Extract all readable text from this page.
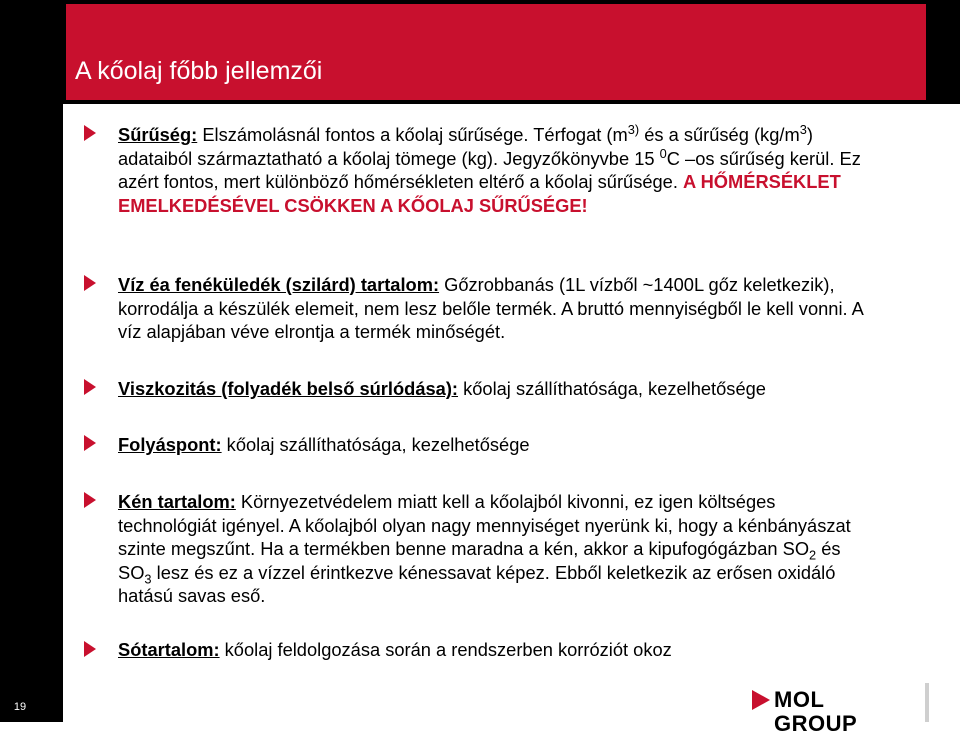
19
A kőolaj főbb jellemzői
Sűrűség: Elszámolásnál fontos a kőolaj sűrűsége. Térfogat ($m^{3)}$ és a sűrűség $(kg/m^3)$ adataiból származtatható a kőolaj tömege (kg). Jegyzőkönyvbe 15 $^0$C –os sűrűség kerül. Ez azért fontos, mert különböző hőmérsékleten eltérő a kőolaj sűrűsége. A HŐMÉRSÉKLET EMELKEDÉSÉVEL CSÖKKEN A KŐOLAJ SŰRŰSÉGE!
Víz éa fenéküledék (szilárd) tartalom: Gőzrobbanás (1L vízből ~1400L gőz keletkezik), korrodálja a készülék elemeit, nem lesz belőle termék. A bruttó mennyiségből le kell vonni. A víz alapjában véve elrontja a termék minőségét.
Viszkozitás (folyadék belső súrlódása): kőolaj szállíthatósága, kezelhetősége
Folyáspont: kőolaj szállíthatósága, kezelhetősége
Kén tartalom: Környezetvédelem miatt kell a kőolajból kivonni, ez igen költséges technológiát igényel. A kőolajból olyan nagy mennyiséget nyerünk ki, hogy a kénbányászat szinte megszűnt. Ha a termékben benne maradna a kén, akkor a kipufogógázban $SO_2$ és $SO_3$ lesz és ez a vízzel érintkezve kénessavat képez. Ebből keletkezik az erősen oxidáló hatású savas eső.
Sótartalom: kőolaj feldolgozása során a rendszerben korróziót okoz
MOL GROUP
